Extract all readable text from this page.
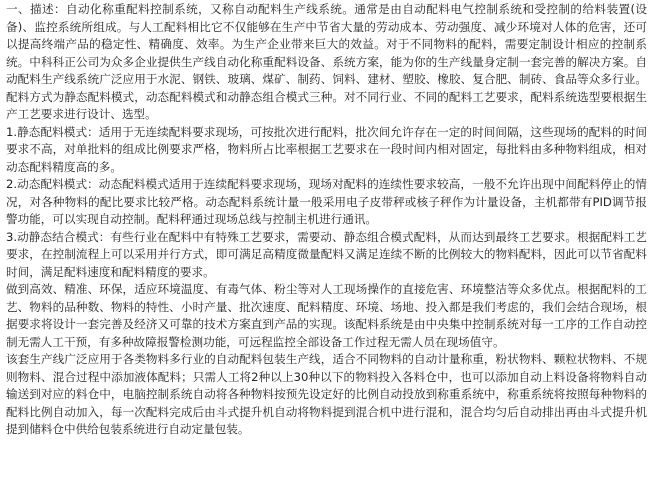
一、描述：自动化称重配料控制系统，又称自动配料生产线系统。通常是由自动配料电气控制系统和受控制的给料装置(设备)、监控系统所组成。与人工配料相比它不仅能够在生产中节省大量的劳动成本、劳动强度、减少环境对人体的危害，还可以提高终端产品的稳定性、精确度、效率。为生产企业带来巨大的效益。对于不同物料的配料，需要定制设计相应的控制系统。中科科正公司为众多企业提供生产线自动化称重配料设备、系统方案，能为你的生产线量身定制一套完善的解决方案。自动配料生产线系统广泛应用于水泥、钢铁、玻璃、煤矿、制药、饲料、建材、塑胶、橡胶、复合肥、制砖、食品等众多行业。配料方式为静态配料模式，动态配料模式和动静态组合模式三种。对不同行业、不同的配料工艺要求，配料系统选型要根据生产工艺要求进行设计、选型。

1.静态配料模式：适用于无连续配料要求现场，可按批次进行配料，批次间允许存在一定的时间间隔，这些现场的配料的时间要求不高，对单批料的组成比例要求严格，物料所占比率根据工艺要求在一段时间内相对固定，每批料由多种物料组成，相对动态配料精度高的多。

2.动态配料模式：动态配料模式适用于连续配料要求现场，现场对配料的连续性要求较高，一般不允许出现中间配料停止的情况，对各种物料的配比要求比较严格。动态配料系统计量一般采用电子皮带秤或核子秤作为计量设备，主机都带有PID调节报警功能，可以实现自动控制。配料秤通过现场总线与控制主机进行通讯。

3.动静态结合模式：有些行业在配料中有特殊工艺要求，需要动、静态组合模式配料，从而达到最终工艺要求。根据配料工艺要求，在控制流程上可以采用并行方式，即可满足高精度微量配料又满足连续不断的比例较大的物料配料，因此可以节省配料时间，满足配料速度和配料精度的要求。

做到高效、精准、环保，适应环境温度、有毒气体、粉尘等对人工现场操作的直接危害、环境整洁等众多优点。根据配料的工艺、物料的品种数、物料的特性、小时产量、批次速度、配料精度、环境、场地、投入都是我们考虑的，我们会结合现场，根据要求将设计一套完善及经济又可靠的技术方案直到产品的实现。该配料系统是由中央集中控制系统对每一工序的工作自动控制无需人工干预，有多种故障报警检测功能，可远程监控全部设备工作过程无需人员在现场值守。

该套生产线广泛应用于各类物料多行业的自动配料包装生产线，适合不同物料的自动计量称重，粉状物料、颗粒状物料、不规则物料、混合过程中添加液体配料；只需人工将2种以上30种以下的物料投入各料仓中，也可以添加自动上料设备将物料自动输送到对应的料仓中，电脑控制系统自动将各种物料按预先设定好的比例自动投放到称重系统中，称重系统将按照每种物料的配料比例自动加入，每一次配料完成后由斗式提升机自动将物料提到混合机中进行混和，混合均匀后自动排出再由斗式提升机提到储料仓中供给包装系统进行自动定量包装。
